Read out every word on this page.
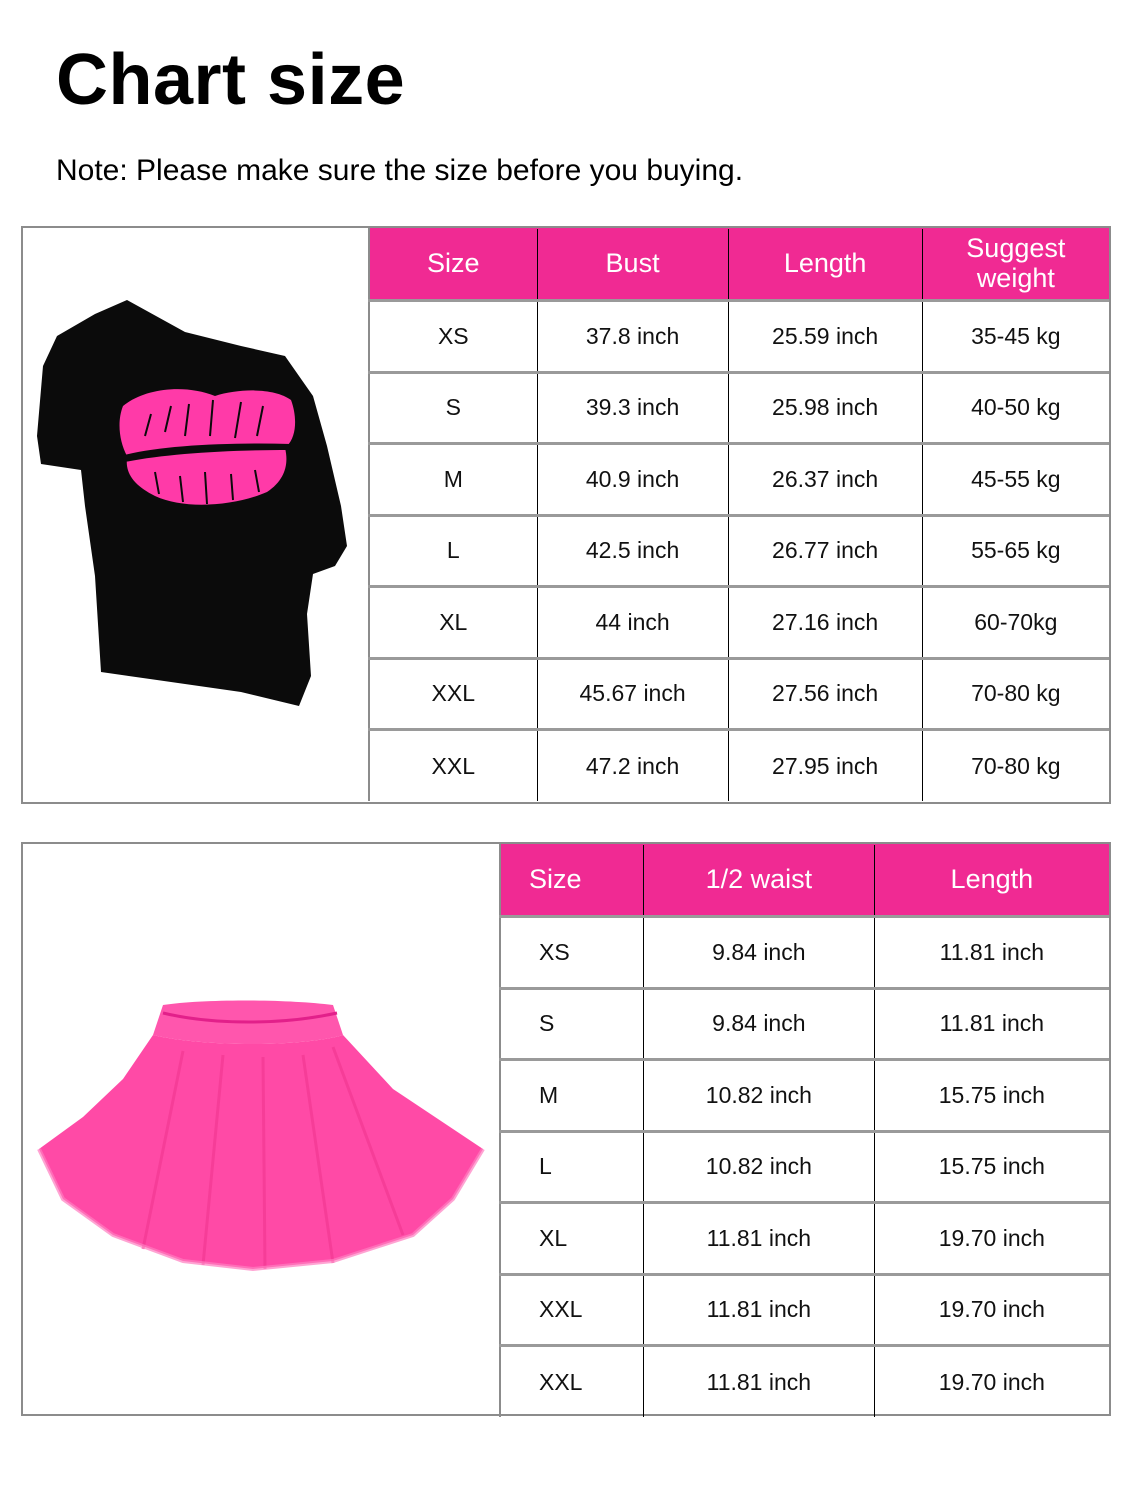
Chart size

Note: Please make sure the size before you buying.

Size	Bust	Length	Suggest weight
XS	37.8 inch	25.59 inch	35-45 kg
S	39.3 inch	25.98 inch	40-50 kg
M	40.9 inch	26.37 inch	45-55 kg
L	42.5 inch	26.77 inch	55-65 kg
XL	44 inch	27.16 inch	60-70kg
XXL	45.67 inch	27.56 inch	70-80 kg
XXL	47.2 inch	27.95 inch	70-80 kg
Size	1/2 waist	Length
XS	9.84 inch	11.81 inch
S	9.84 inch	11.81 inch
M	10.82 inch	15.75 inch
L	10.82 inch	15.75 inch
XL	11.81 inch	19.70 inch
XXL	11.81 inch	19.70 inch
XXL	11.81 inch	19.70 inch
